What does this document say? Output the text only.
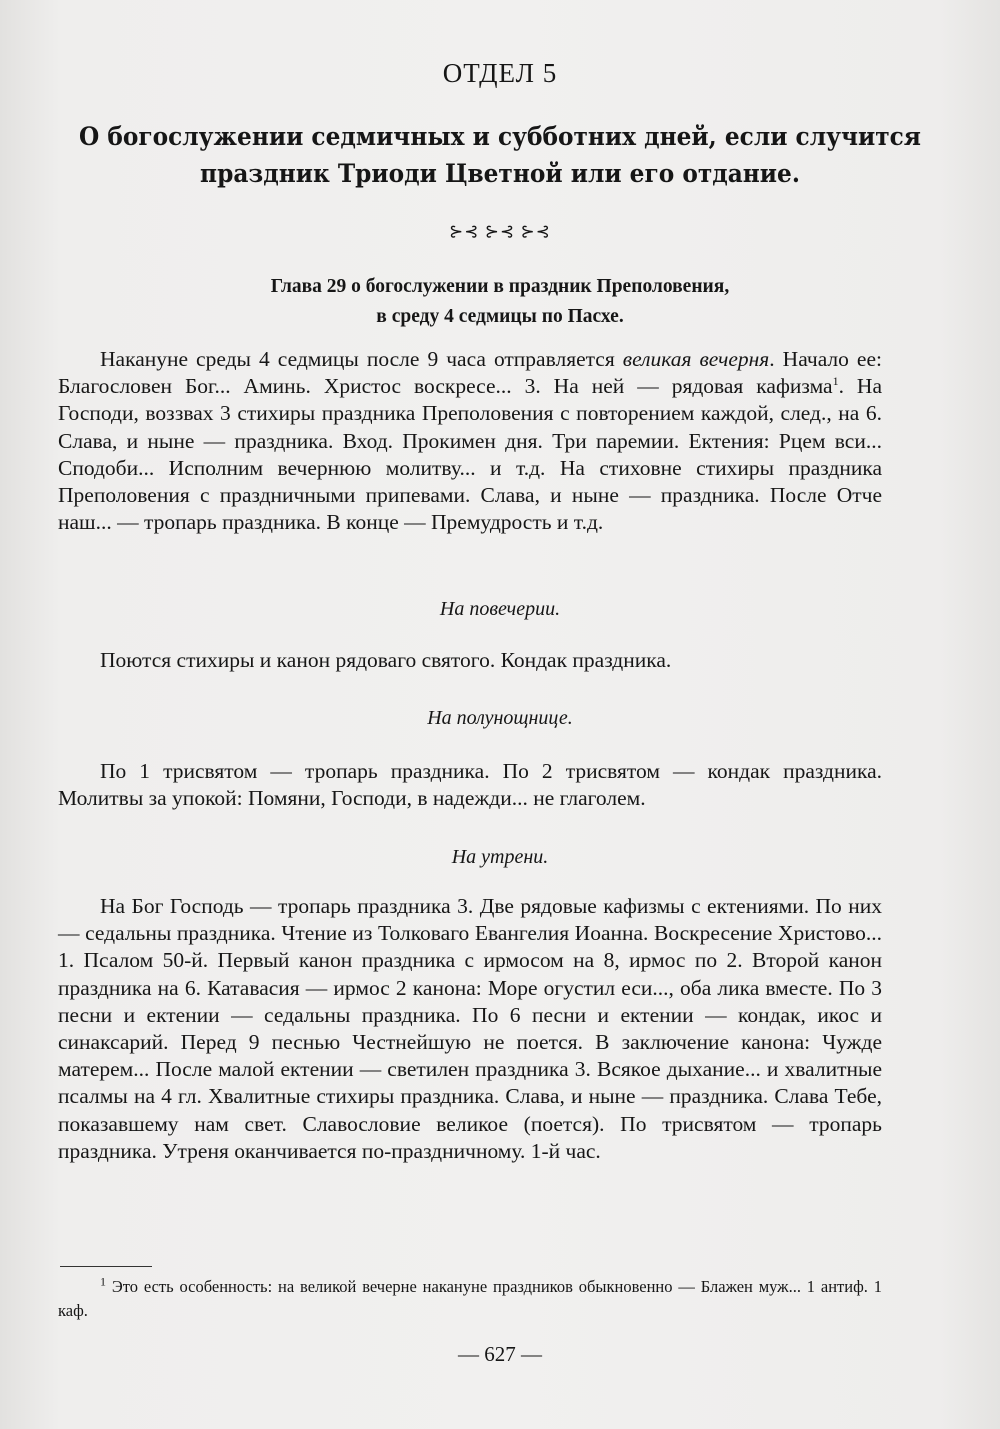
ОТДЕЛ 5
О богослужении седмичных и субботних дней, если случится
праздник Триоди Цветной или его отдание.
⊱⊰ ⊱⊰ ⊱⊰
Глава 29 о богослужении в праздник Преполовения,
в среду 4 седмицы по Пасхе.

Накануне среды 4 седмицы после 9 часа отправляется великая вечерня. Начало ее: Благословен Бог... Аминь. Христос воскресе... 3. На ней — рядовая кафизма$^1$. На Господи, воззвах 3 стихиры праздника Преполовения с повторением каждой, след., на 6. Слава, и ныне — праздника. Вход. Прокимен дня. Три паремии. Ектения: Рцем вси... Сподоби... Исполним вечернюю молитву... и т.д. На стиховне стихиры праздника Преполовения с праздничными припевами. Слава, и ныне — праздника. После Отче наш... — тропарь праздника. В конце — Премудрость и т.д.

На повечерии.

Поются стихиры и канон рядоваго святого. Кондак праздника.

На полунощнице.

По 1 трисвятом — тропарь праздника. По 2 трисвятом — кондак праздника. Молитвы за упокой: Помяни, Господи, в надежди... не глаголем.

На утрени.

На Бог Господь — тропарь праздника 3. Две рядовые кафизмы с ектениями. По них — седальны праздника. Чтение из Толковаго Евангелия Иоанна. Воскресение Христово... 1. Псалом 50-й. Первый канон праздника с ирмосом на 8, ирмос по 2. Второй канон праздника на 6. Катавасия — ирмос 2 канона: Море огустил еси..., оба лика вместе. По 3 песни и ектении — седальны праздника. По 6 песни и ектении — кондак, икос и синаксарий. Перед 9 песнью Честнейшую не поется. В заключение канона: Чужде матерем... После малой ектении — светилен праздника 3. Всякое дыхание... и хвалитные псалмы на 4 гл. Хвалитные стихиры праздника. Слава, и ныне — праздника. Слава Тебе, показавшему нам свет. Славословие великое (поется). По трисвятом — тропарь праздника. Утреня оканчивается по-праздничному. 1-й час.

$^1$ Это есть особенность: на великой вечерне накануне праздников обыкновенно — Блажен муж... 1 антиф. 1 каф.

— 627 —
